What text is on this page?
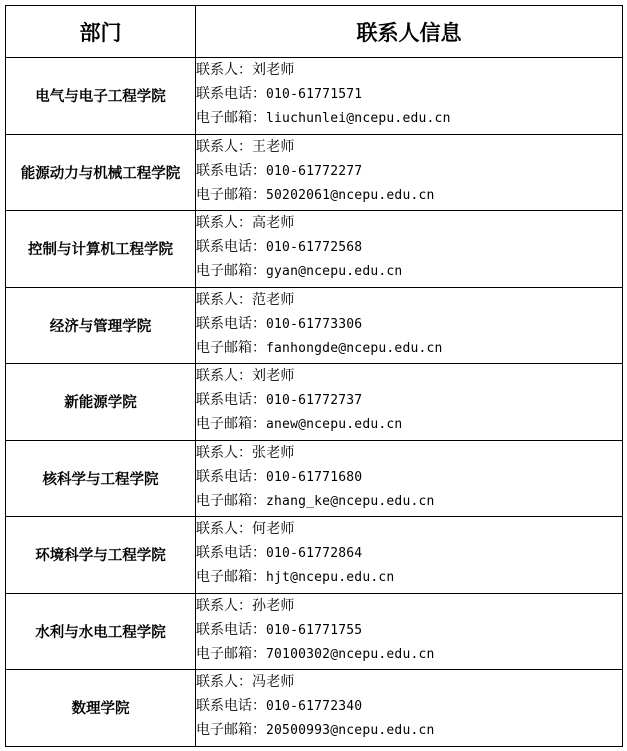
部门	联系人信息
电气与电子工程学院	联系人：刘老师
联系电话：010-61771571
电子邮箱：liuchunlei@ncepu.edu.cn

能源动力与机械工程学院	联系人：王老师
联系电话：010-61772277
电子邮箱：50202061@ncepu.edu.cn

控制与计算机工程学院	联系人：高老师
联系电话：010-61772568
电子邮箱：gyan@ncepu.edu.cn

经济与管理学院	联系人：范老师
联系电话：010-61773306
电子邮箱：fanhongde@ncepu.edu.cn

新能源学院	联系人：刘老师
联系电话：010-61772737
电子邮箱：anew@ncepu.edu.cn

核科学与工程学院	联系人：张老师
联系电话：010-61771680
电子邮箱：zhang_ke@ncepu.edu.cn

环境科学与工程学院	联系人：何老师
联系电话：010-61772864
电子邮箱：hjt@ncepu.edu.cn

水利与水电工程学院	联系人：孙老师
联系电话：010-61771755
电子邮箱：70100302@ncepu.edu.cn

数理学院	联系人：冯老师
联系电话：010-61772340
电子邮箱：20500993@ncepu.edu.cn
